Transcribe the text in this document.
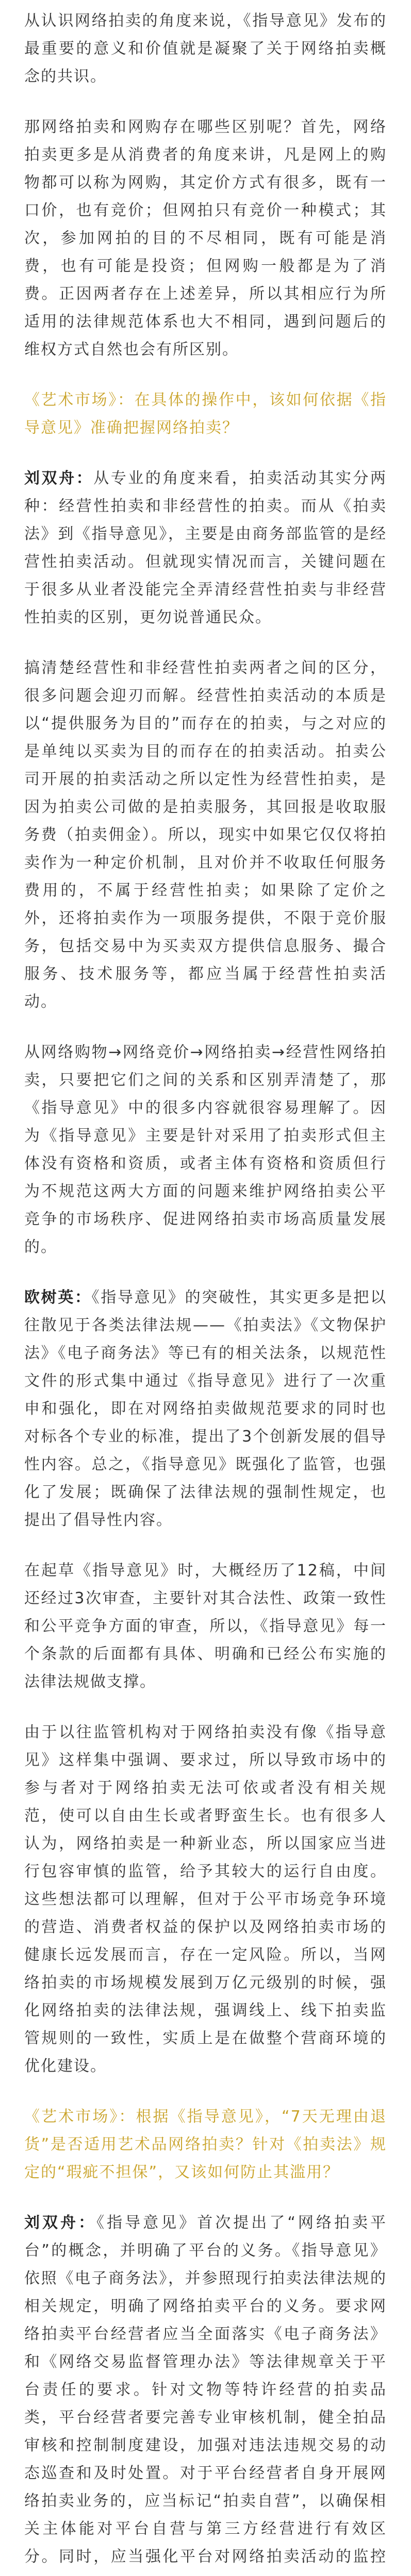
从认识网络拍卖的角度来说，《指导意见》发布的最重要的意义和价值就是凝聚了关于网络拍卖概念的共识。

那网络拍卖和网购存在哪些区别呢？首先，网络拍卖更多是从消费者的角度来讲，凡是网上的购物都可以称为网购，其定价方式有很多，既有一口价，也有竞价；但网拍只有竞价一种模式；其次，参加网拍的目的不尽相同，既有可能是消费，也有可能是投资；但网购一般都是为了消费。正因两者存在上述差异，所以其相应行为所适用的法律规范体系也大不相同，遇到问题后的维权方式自然也会有所区别。

《艺术市场》：在具体的操作中，该如何依据《指导意见》准确把握网络拍卖？

刘双舟：从专业的角度来看，拍卖活动其实分两种：经营性拍卖和非经营性的拍卖。而从《拍卖法》到《指导意见》，主要是由商务部监管的是经营性拍卖活动。但就现实情况而言，关键问题在于很多从业者没能完全弄清经营性拍卖与非经营性拍卖的区别，更勿说普通民众。

搞清楚经营性和非经营性拍卖两者之间的区分，很多问题会迎刃而解。经营性拍卖活动的本质是以“提供服务为目的”而存在的拍卖，与之对应的是单纯以买卖为目的而存在的拍卖活动。拍卖公司开展的拍卖活动之所以定性为经营性拍卖，是因为拍卖公司做的是拍卖服务，其回报是收取服务费（拍卖佣金）。所以，现实中如果它仅仅将拍卖作为一种定价机制，且对价并不收取任何服务费用的，不属于经营性拍卖；如果除了定价之外，还将拍卖作为一项服务提供，不限于竞价服务，包括交易中为买卖双方提供信息服务、撮合服务、技术服务等，都应当属于经营性拍卖活动。

从网络购物→网络竞价→网络拍卖→经营性网络拍卖，只要把它们之间的关系和区别弄清楚了，那《指导意见》中的很多内容就很容易理解了。因为《指导意见》主要是针对采用了拍卖形式但主体没有资格和资质，或者主体有资格和资质但行为不规范这两大方面的问题来维护网络拍卖公平竞争的市场秩序、促进网络拍卖市场高质量发展的。

欧树英：《指导意见》的突破性，其实更多是把以往散见于各类法律法规——《拍卖法》《文物保护法》《电子商务法》等已有的相关法条，以规范性文件的形式集中通过《指导意见》进行了一次重申和强化，即在对网络拍卖做规范要求的同时也对标各个专业的标准，提出了3个创新发展的倡导性内容。总之，《指导意见》既强化了监管，也强化了发展；既确保了法律法规的强制性规定，也提出了倡导性内容。

在起草《指导意见》时，大概经历了12稿，中间还经过3次审查，主要针对其合法性、政策一致性和公平竞争方面的审查，所以，《指导意见》每一个条款的后面都有具体、明确和已经公布实施的法律法规做支撑。

由于以往监管机构对于网络拍卖没有像《指导意见》这样集中强调、要求过，所以导致市场中的参与者对于网络拍卖无法可依或者没有相关规范，使可以自由生长或者野蛮生长。也有很多人认为，网络拍卖是一种新业态，所以国家应当进行包容审慎的监管，给予其较大的运行自由度。这些想法都可以理解，但对于公平市场竞争环境的营造、消费者权益的保护以及网络拍卖市场的健康长远发展而言，存在一定风险。所以，当网络拍卖的市场规模发展到万亿元级别的时候，强化网络拍卖的法律法规，强调线上、线下拍卖监管规则的一致性，实质上是在做整个营商环境的优化建设。

《艺术市场》：根据《指导意见》，“7天无理由退货”是否适用艺术品网络拍卖？针对《拍卖法》规定的“瑕疵不担保”，又该如何防止其滥用？

刘双舟：《指导意见》首次提出了“网络拍卖平台”的概念，并明确了平台的义务。《指导意见》依照《电子商务法》，并参照现行拍卖法律法规的相关规定，明确了网络拍卖平台的义务。要求网络拍卖平台经营者应当全面落实《电子商务法》和《网络交易监督管理办法》等法律规章关于平台责任的要求。针对文物等特许经营的拍卖品类，平台经营者要完善专业审核机制，健全拍品审核和控制制度建设，加强对违法违规交易的动态巡查和及时处置。对于平台经营者自身开展网络拍卖业务的，应当标记“拍卖自营”，以确保相关主体能对平台自营与第三方经营进行有效区分。同时，应当强化平台对网络拍卖活动的监控
